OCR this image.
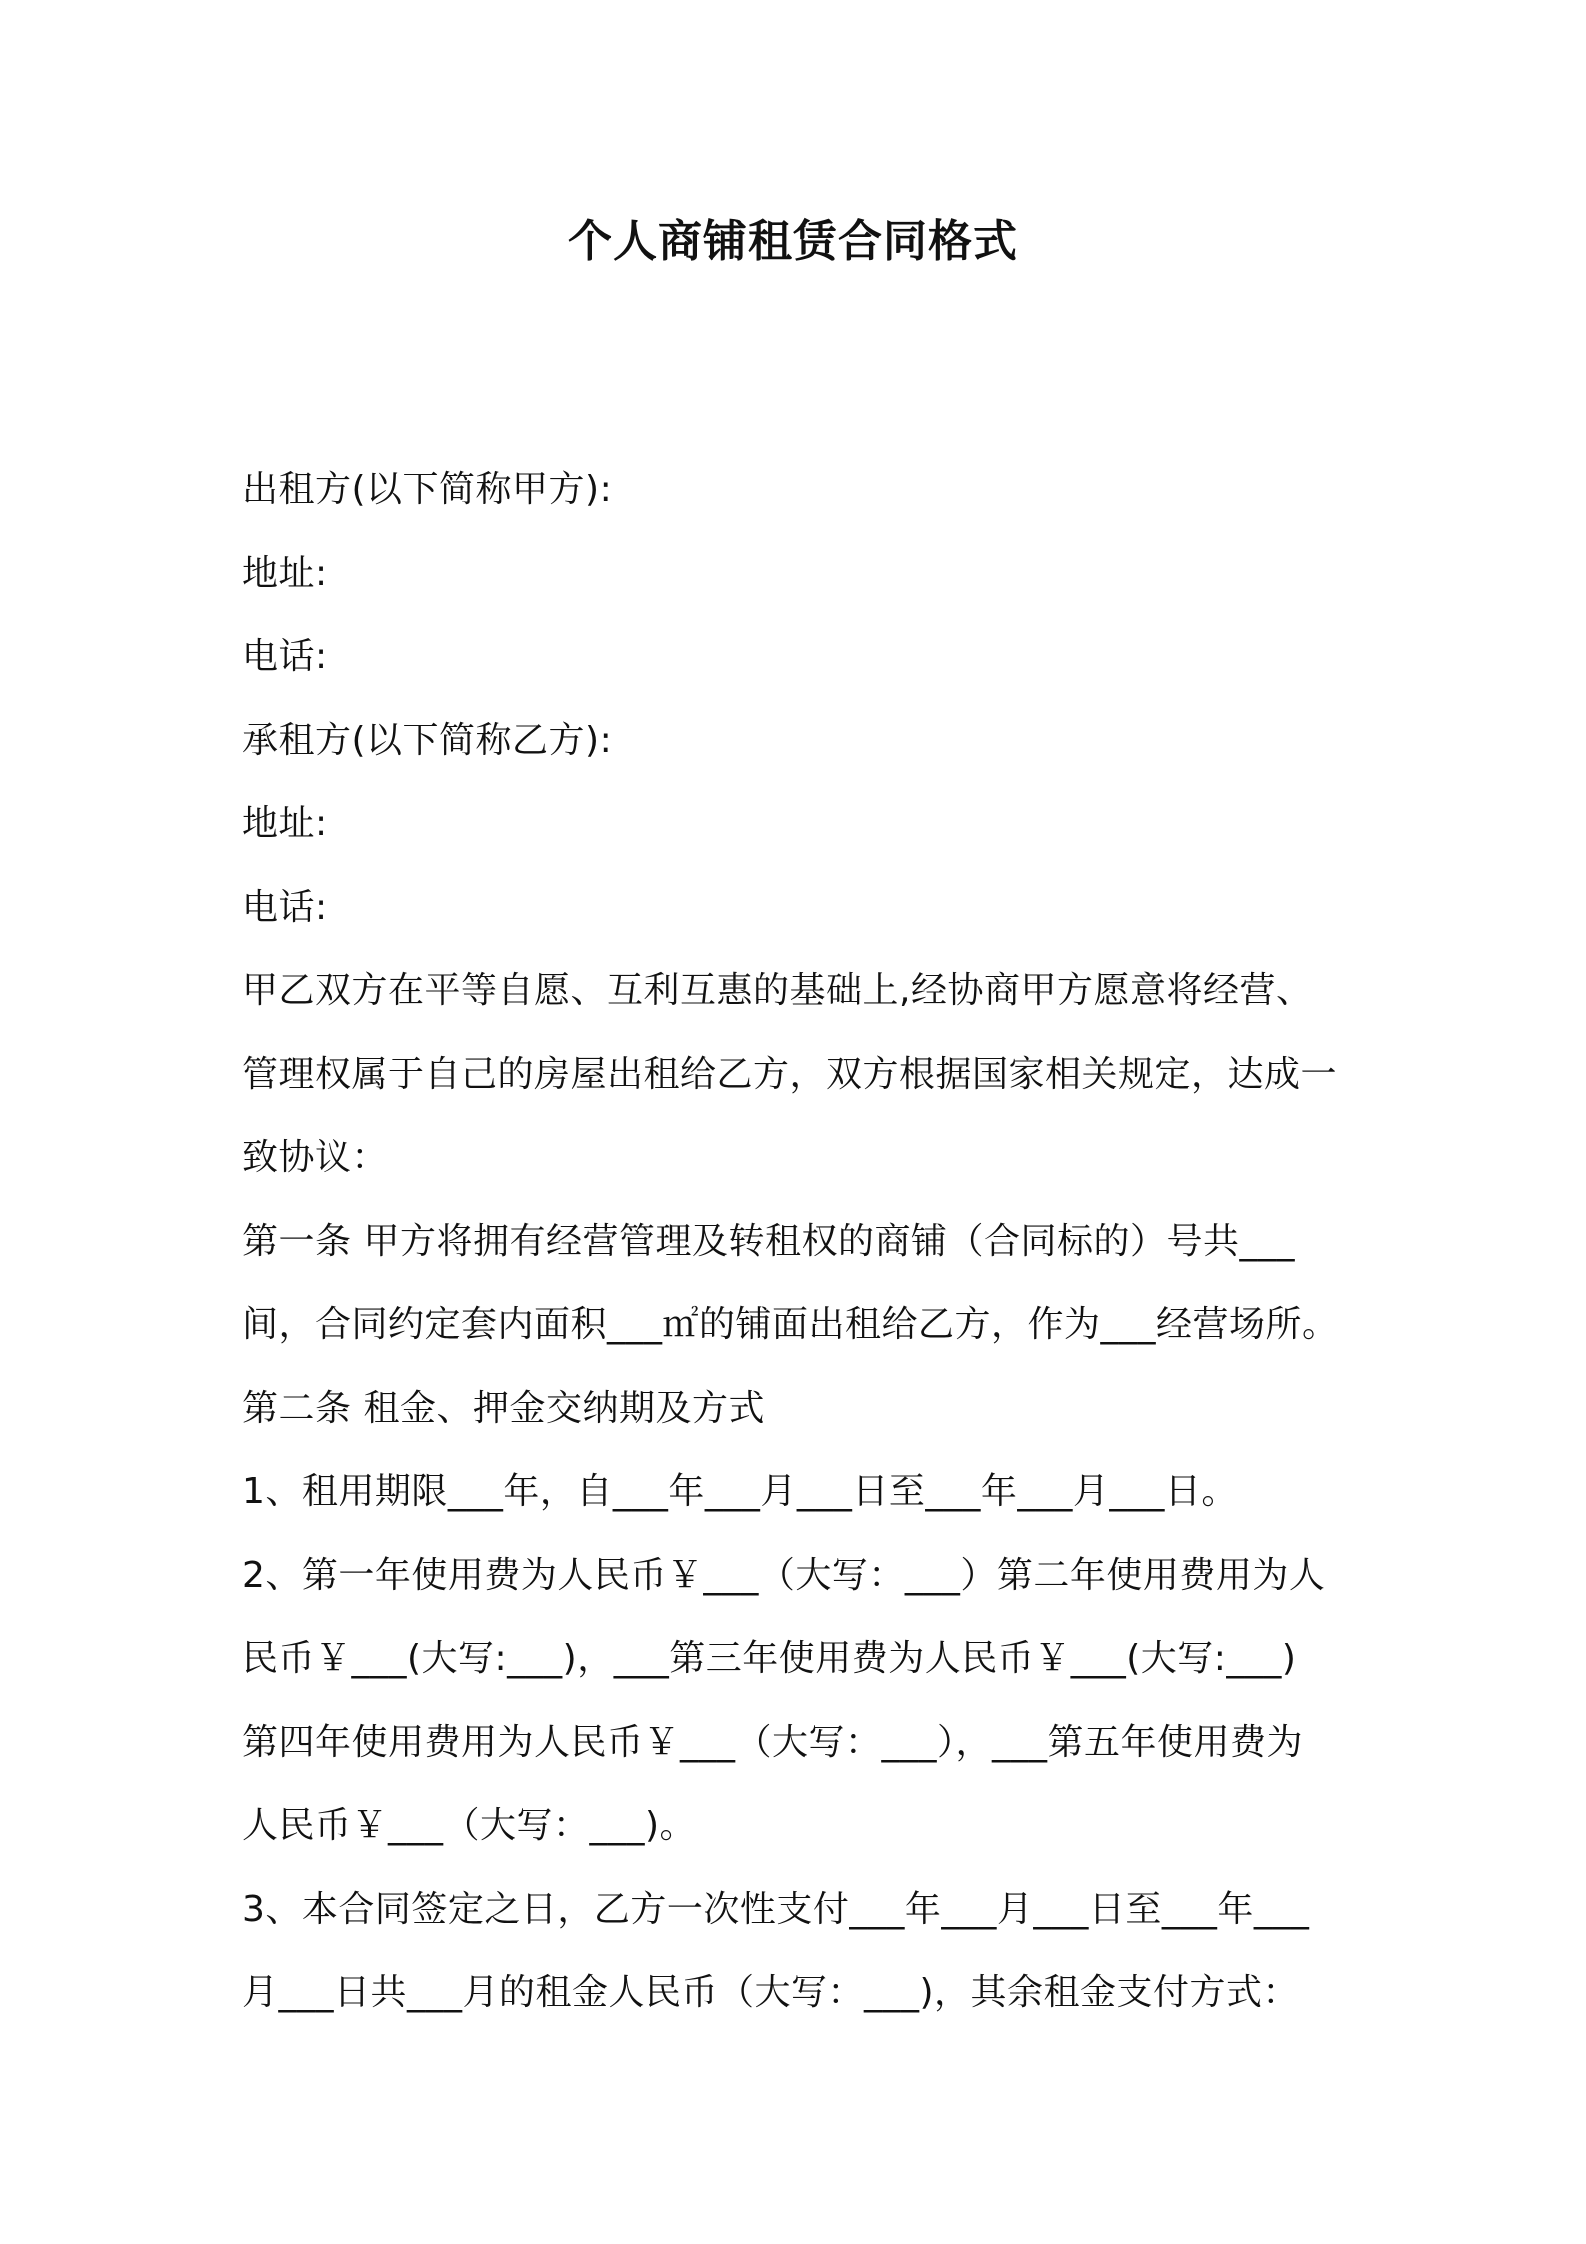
个人商铺租赁合同格式
出租方(以下简称甲方):
地址:
电话:
承租方(以下简称乙方):
地址:
电话:
甲乙双方在平等自愿、互利互惠的基础上,经协商甲方愿意将经营、
管理权属于自己的房屋出租给乙方，双方根据国家相关规定，达成一
致协议：
第一条 甲方将拥有经营管理及转租权的商铺（合同标的）号共___
间，合同约定套内面积___㎡的铺面出租给乙方，作为___经营场所。
第二条 租金、押金交纳期及方式
1、租用期限___年，自___年___月___日至___年___月___日。
2、第一年使用费为人民币￥___（大写：___）第二年使用费用为人
民币￥___(大写:___)，___第三年使用费为人民币￥___(大写:___)
第四年使用费用为人民币￥___（大写：___），___第五年使用费为
人民币￥___（大写：___)。
3、本合同签定之日，乙方一次性支付___年___月___日至___年___
月___日共___月的租金人民币（大写：___)，其余租金支付方式：
